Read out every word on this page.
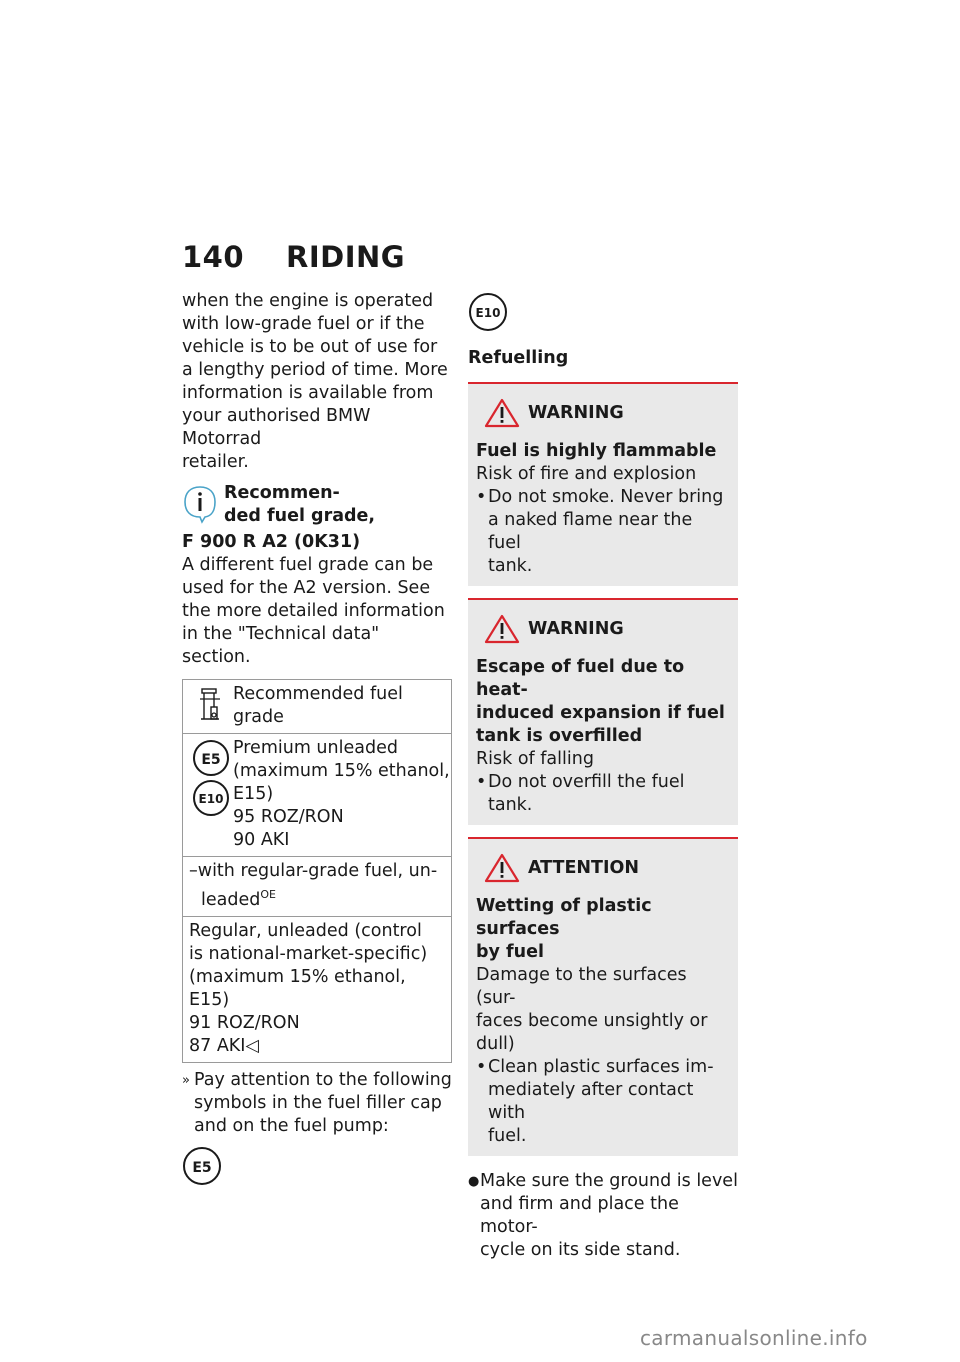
140 RIDING

when the engine is operated

with low-grade fuel or if the

vehicle is to be out of use for

a lengthy period of time. More

information is available from

your authorised BMW Motorrad

retailer.

Recommen-

ded fuel grade,

F 900 R A2 (0K31)

A different fuel grade can be

used for the A2 version. See

the more detailed information

in the "Technical data" section.

Recommended fuel

grade

E5
E10

Premium unleaded

(maximum 15% ethanol,

E15)

95 ROZ/RON

90 AKI

–with regular-grade fuel, un-

leaded$^{OE}$

Regular, unleaded (control

is national-market-specific)

(maximum 15% ethanol,

E15)

91 ROZ/RON

87 AKI◁

» Pay attention to the following

symbols in the fuel filler cap

and on the fuel pump:

E5
E10

Refuelling

WARNING

Fuel is highly flammable

Risk of fire and explosion

• Do not smoke. Never bring

a naked flame near the fuel

tank.

WARNING

Escape of fuel due to heat-

induced expansion if fuel

tank is overfilled

Risk of falling

• Do not overfill the fuel tank.

ATTENTION

Wetting of plastic surfaces

by fuel

Damage to the surfaces (sur-

faces become unsightly or

dull)

• Clean plastic surfaces im-

mediately after contact with

fuel.

● Make sure the ground is level

and firm and place the motor-

cycle on its side stand.

carmanualsonline.info
